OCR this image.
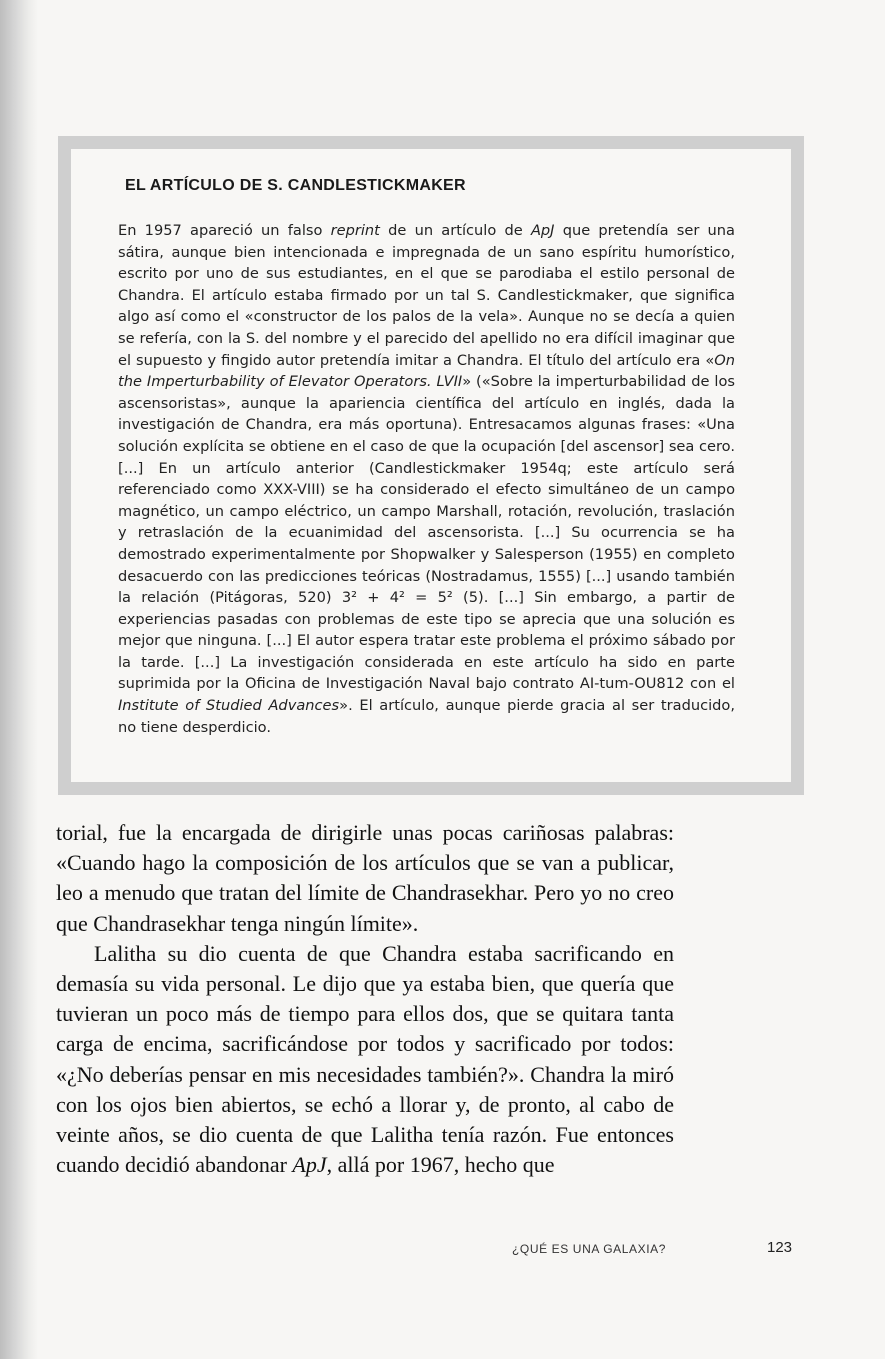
EL ARTÍCULO DE S. CANDLESTICKMAKER

En 1957 apareció un falso reprint de un artículo de ApJ que pretendía ser una sátira, aunque bien intencionada e impregnada de un sano espíritu humorístico, escrito por uno de sus estudiantes, en el que se parodiaba el estilo personal de Chandra. El artículo estaba firmado por un tal S. Candlestickmaker, que significa algo así como el «constructor de los palos de la vela». Aunque no se decía a quien se refería, con la S. del nombre y el parecido del apellido no era difícil imaginar que el supuesto y fingido autor pretendía imitar a Chandra. El título del artículo era «On the Imperturbability of Elevator Operators. LVII» («Sobre la imperturbabilidad de los ascensoristas», aunque la apariencia científica del artículo en inglés, dada la investigación de Chandra, era más oportuna). Entresacamos algunas frases: «Una solución explícita se obtiene en el caso de que la ocupación [del ascensor] sea cero. [...] En un artículo anterior (Candlestickmaker 1954q; este artículo será referenciado como XXX-VIII) se ha considerado el efecto simultáneo de un campo magnético, un campo eléctrico, un campo Marshall, rotación, revolución, traslación y retraslación de la ecuanimidad del ascensorista. [...] Su ocurrencia se ha demostrado experimentalmente por Shopwalker y Salesperson (1955) en completo desacuerdo con las predicciones teóricas (Nostradamus, 1555) [...] usando también la relación (Pitágoras, 520) 3² + 4² = 5² (5). [...] Sin embargo, a partir de experiencias pasadas con problemas de este tipo se aprecia que una solución es mejor que ninguna. [...] El autor espera tratar este problema el próximo sábado por la tarde. [...] La investigación considerada en este artículo ha sido en parte suprimida por la Oficina de Investigación Naval bajo contrato AI-tum-OU812 con el Institute of Studied Advances». El artículo, aunque pierde gracia al ser traducido, no tiene desperdicio.

torial, fue la encargada de dirigirle unas pocas cariñosas palabras: «Cuando hago la composición de los artículos que se van a publicar, leo a menudo que tratan del límite de Chandrasekhar. Pero yo no creo que Chandrasekhar tenga ningún límite».
Lalitha su dio cuenta de que Chandra estaba sacrificando en demasía su vida personal. Le dijo que ya estaba bien, que quería que tuvieran un poco más de tiempo para ellos dos, que se quitara tanta carga de encima, sacrificándose por todos y sacrificado por todos: «¿No deberías pensar en mis necesidades también?». Chandra la miró con los ojos bien abiertos, se echó a llorar y, de pronto, al cabo de veinte años, se dio cuenta de que Lalitha tenía razón. Fue entonces cuando decidió abandonar ApJ, allá por 1967, hecho que

¿QUÉ ES UNA GALAXIA?	123
